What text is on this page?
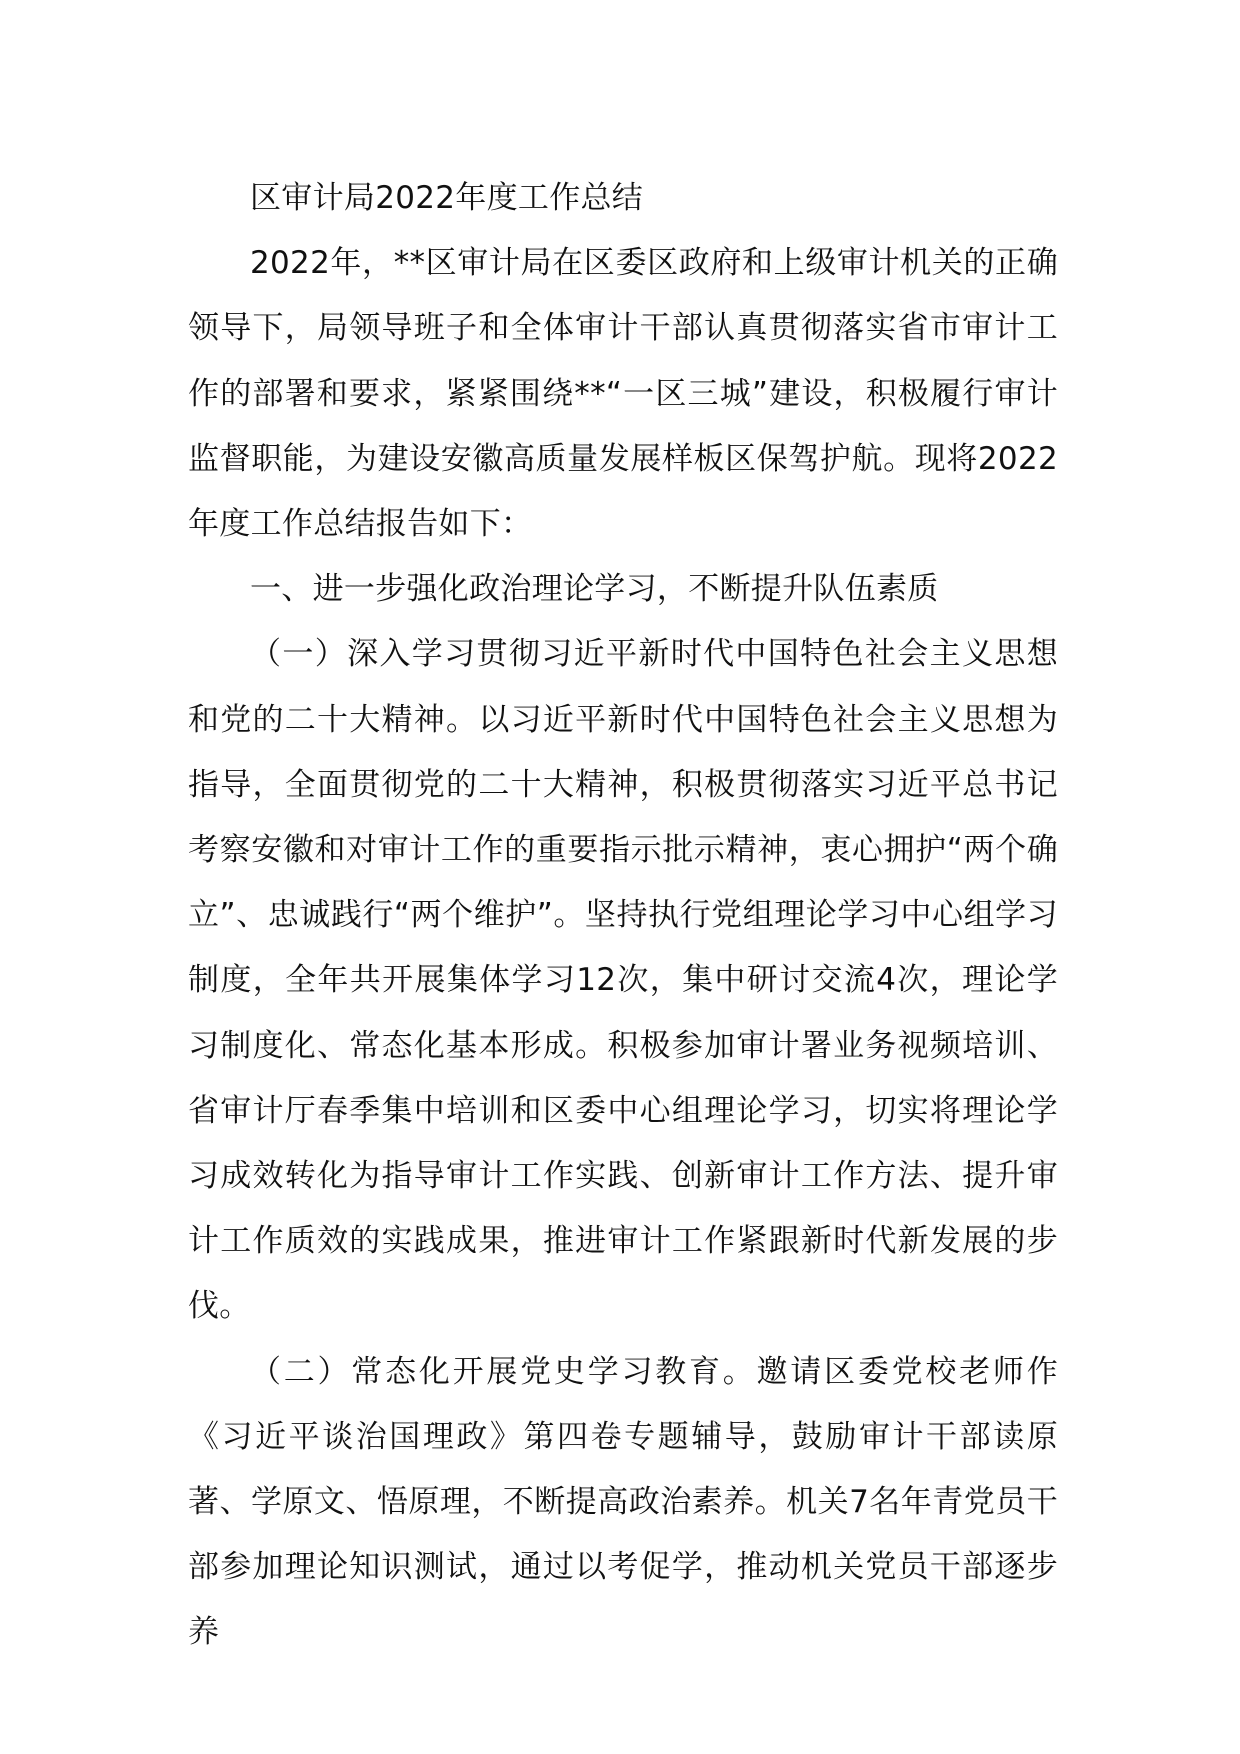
区审计局2022年度工作总结

2022年，**区审计局在区委区政府和上级审计机关的正确领导下，局领导班子和全体审计干部认真贯彻落实省市审计工作的部署和要求，紧紧围绕**“一区三城”建设，积极履行审计监督职能，为建设安徽高质量发展样板区保驾护航。现将2022年度工作总结报告如下：

一、进一步强化政治理论学习，不断提升队伍素质

（一）深入学习贯彻习近平新时代中国特色社会主义思想和党的二十大精神。以习近平新时代中国特色社会主义思想为指导，全面贯彻党的二十大精神，积极贯彻落实习近平总书记考察安徽和对审计工作的重要指示批示精神，衷心拥护“两个确立”、忠诚践行“两个维护”。坚持执行党组理论学习中心组学习制度，全年共开展集体学习12次，集中研讨交流4次，理论学习制度化、常态化基本形成。积极参加审计署业务视频培训、省审计厅春季集中培训和区委中心组理论学习，切实将理论学习成效转化为指导审计工作实践、创新审计工作方法、提升审计工作质效的实践成果，推进审计工作紧跟新时代新发展的步伐。

（二）常态化开展党史学习教育。邀请区委党校老师作《习近平谈治国理政》第四卷专题辅导，鼓励审计干部读原著、学原文、悟原理，不断提高政治素养。机关7名年青党员干部参加理论知识测试，通过以考促学，推动机关党员干部逐步养
